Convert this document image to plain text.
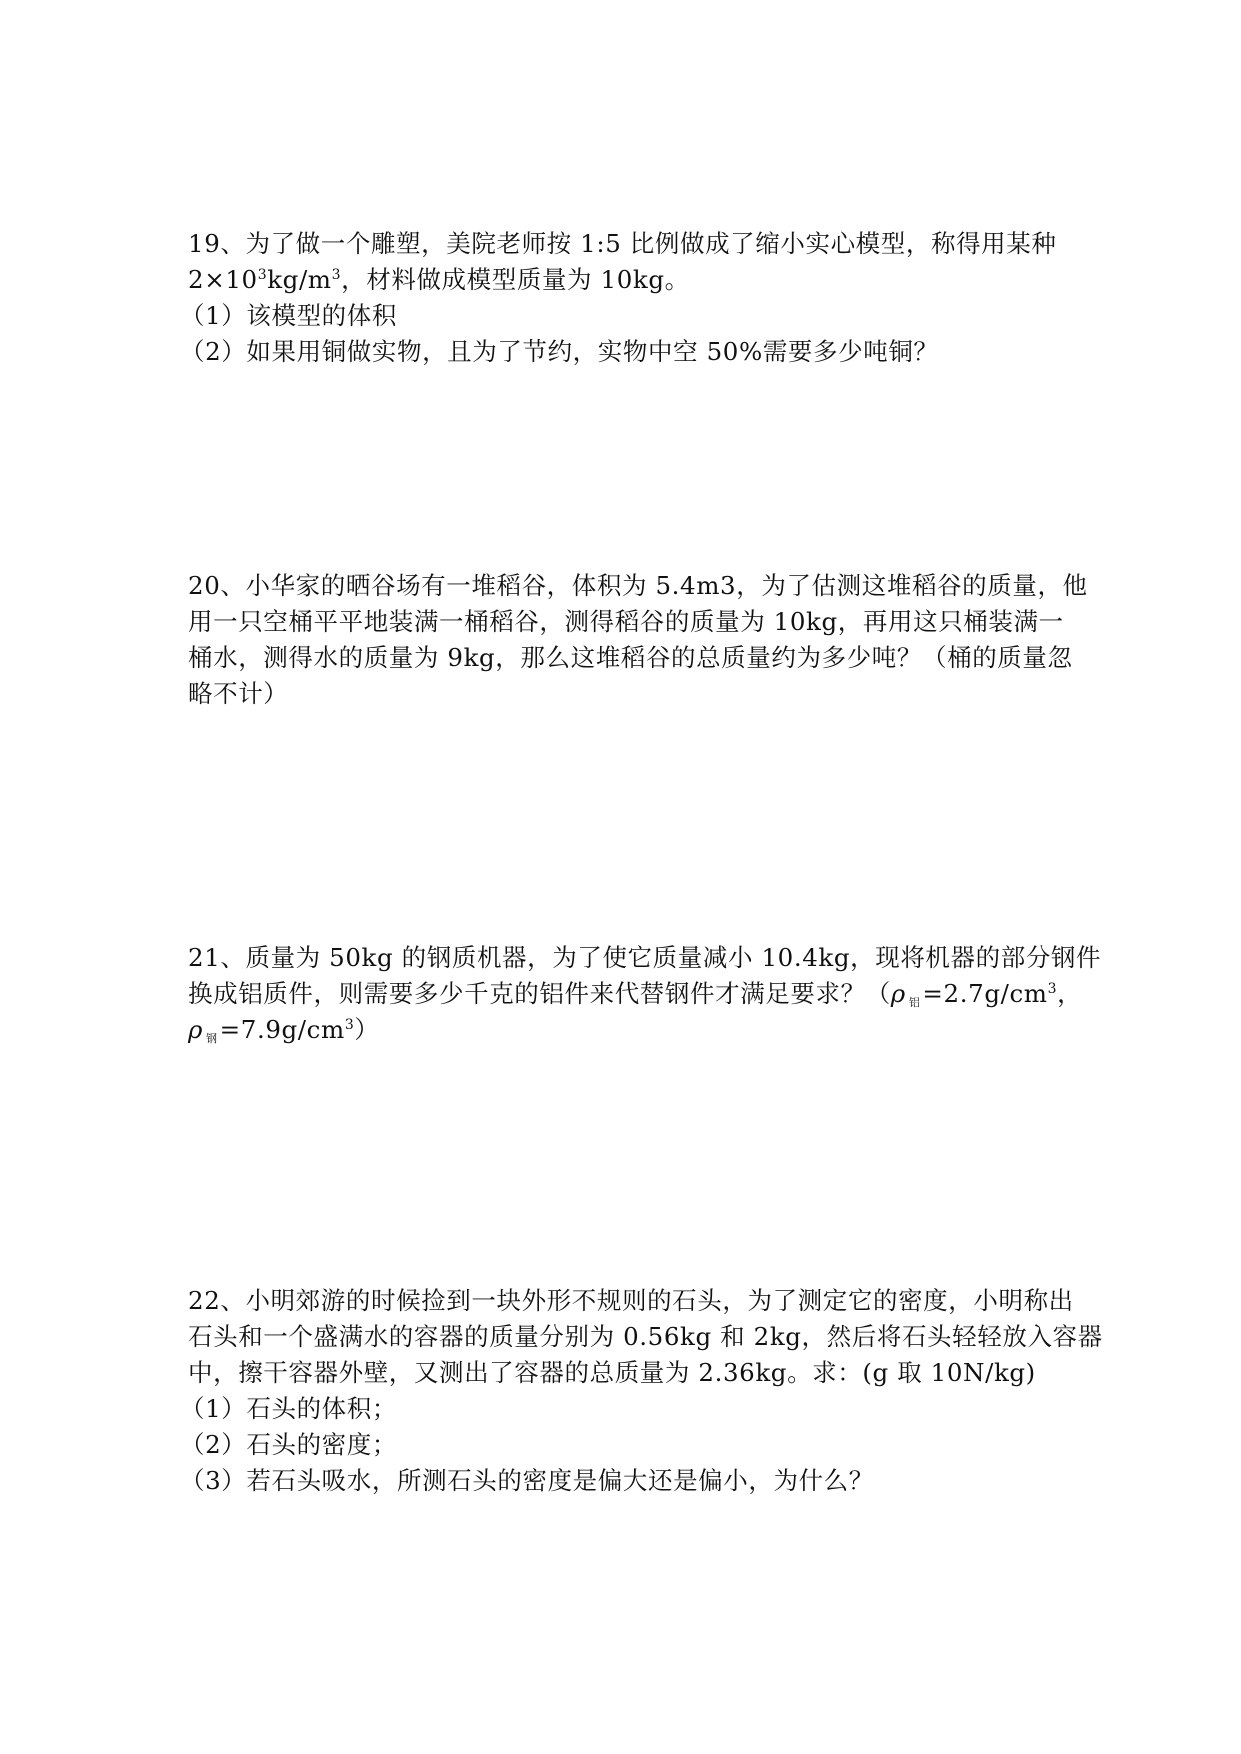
19、为了做一个雕塑，美院老师按 1:5 比例做成了缩小实心模型，称得用某种
$2\times 10^3kg/m^3$，材料做成模型质量为 10kg。
（1）该模型的体积
（2）如果用铜做实物，且为了节约，实物中空 50%需要多少吨铜？
20、小华家的晒谷场有一堆稻谷，体积为 5.4m3，为了估测这堆稻谷的质量，他
用一只空桶平平地装满一桶稻谷，测得稻谷的质量为 10kg，再用这只桶装满一
桶水，测得水的质量为 9kg，那么这堆稻谷的总质量约为多少吨？（桶的质量忽
略不计）
21、质量为 50kg 的钢质机器，为了使它质量减小 10.4kg，现将机器的部分钢件
换成铝质件，则需要多少千克的铝件来代替钢件才满足要求？（ρ 铝$=2.7g/cm^3$，
ρ钢$=7.9g/cm^3$）
22、小明郊游的时候捡到一块外形不规则的石头，为了测定它的密度，小明称出
石头和一个盛满水的容器的质量分别为 0.56kg 和 2kg，然后将石头轻轻放入容器
中，擦干容器外壁，又测出了容器的总质量为 2.36kg。求：(g 取 10N/kg)
（1）石头的体积；
（2）石头的密度；
（3）若石头吸水，所测石头的密度是偏大还是偏小，为什么？
